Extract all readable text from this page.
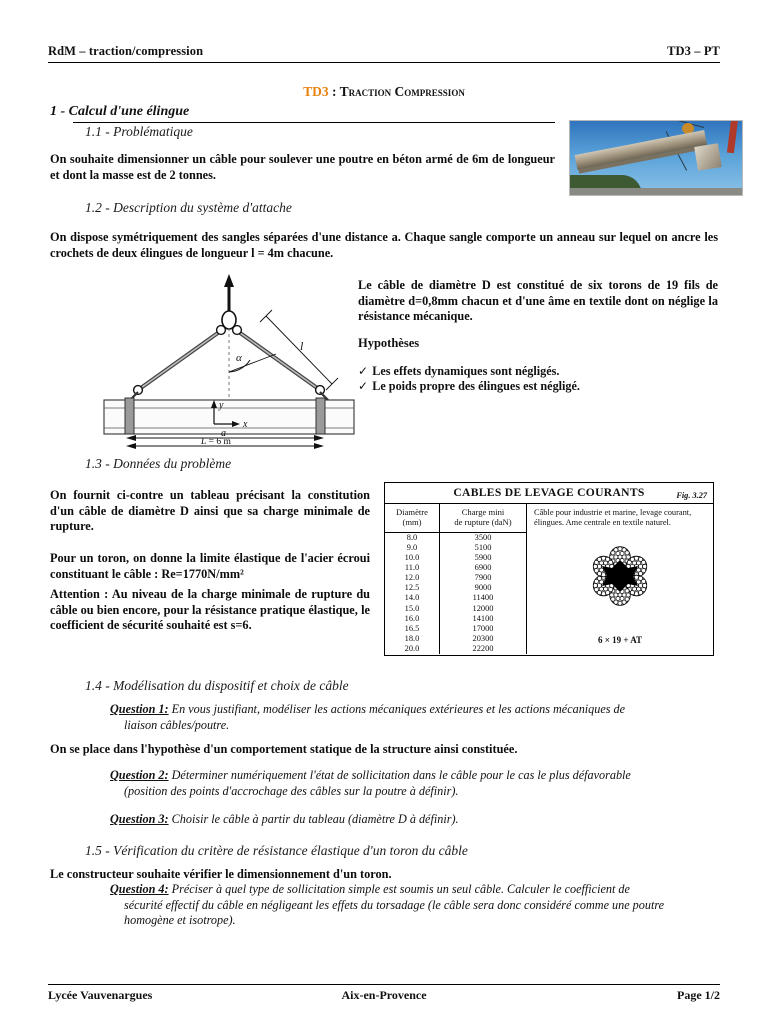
RdM – traction/compression	TD3 – PT
TD3 : Traction Compression
1 - Calcul d'une élingue
1.1 - Problématique
On souhaite dimensionner un câble pour soulever une poutre en béton armé de 6m de longueur et dont la masse est de 2 tonnes.
1.2 - Description du système d'attache
On dispose symétriquement des sangles séparées d'une distance a. Chaque sangle comporte un anneau sur lequel on ancre les crochets de deux élingues de longueur l = 4m chacune.
α
l
y
x
a
L = 6 m
Le câble de diamètre D est constitué de six torons de 19 fils de diamètre d=0,8mm chacun et d'une âme en textile dont on néglige la résistance mécanique.
Hypothèses
✓ Les effets dynamiques sont négligés.
✓ Le poids propre des élingues est négligé.
1.3 - Données du problème
On fournit ci-contre un tableau précisant la constitution d'un câble de diamètre D ainsi que sa charge minimale de rupture.
Pour un toron, on donne la limite élastique de l'acier écroui constituant le câble : Re=1770N/mm²
Attention : Au niveau de la charge minimale de rupture du câble ou bien encore, pour la résistance pratique élastique, le coefficient de sécurité souhaité est s=6.
CABLES DE LEVAGE COURANTS	Fig. 3.27
Diamètre
(mm)
Charge mini
de rupture (daN)
8.0	3500
9.0	5100
10.0	5900
11.0	6900
12.0	7900
12.5	9000
14.0	11400
15.0	12000
16.0	14100
16.5	17000
18.0	20300
20.0	22200
Câble pour industrie et marine, levage courant, élingues. Ame centrale en textile naturel.
6 × 19 + AT
1.4 - Modélisation du dispositif et choix de câble
Question 1: En vous justifiant, modéliser les actions mécaniques extérieures et les actions mécaniques de
liaison câbles/poutre.
On se place dans l'hypothèse d'un comportement statique de la structure ainsi constituée.
Question 2: Déterminer numériquement l'état de sollicitation dans le câble pour le cas le plus défavorable
(position des points d'accrochage des câbles sur la poutre à définir).
Question 3: Choisir le câble à partir du tableau (diamètre D à définir).
1.5 - Vérification du critère de résistance élastique d'un toron du câble
Le constructeur souhaite vérifier le dimensionnement d'un toron.
Question 4: Préciser à quel type de sollicitation simple est soumis un seul câble. Calculer le coefficient de
sécurité effectif du câble en négligeant les effets du torsadage (le câble sera donc considéré comme une poutre
homogène et isotrope).
Lycée Vauvenargues	Aix-en-Provence	Page 1/2
